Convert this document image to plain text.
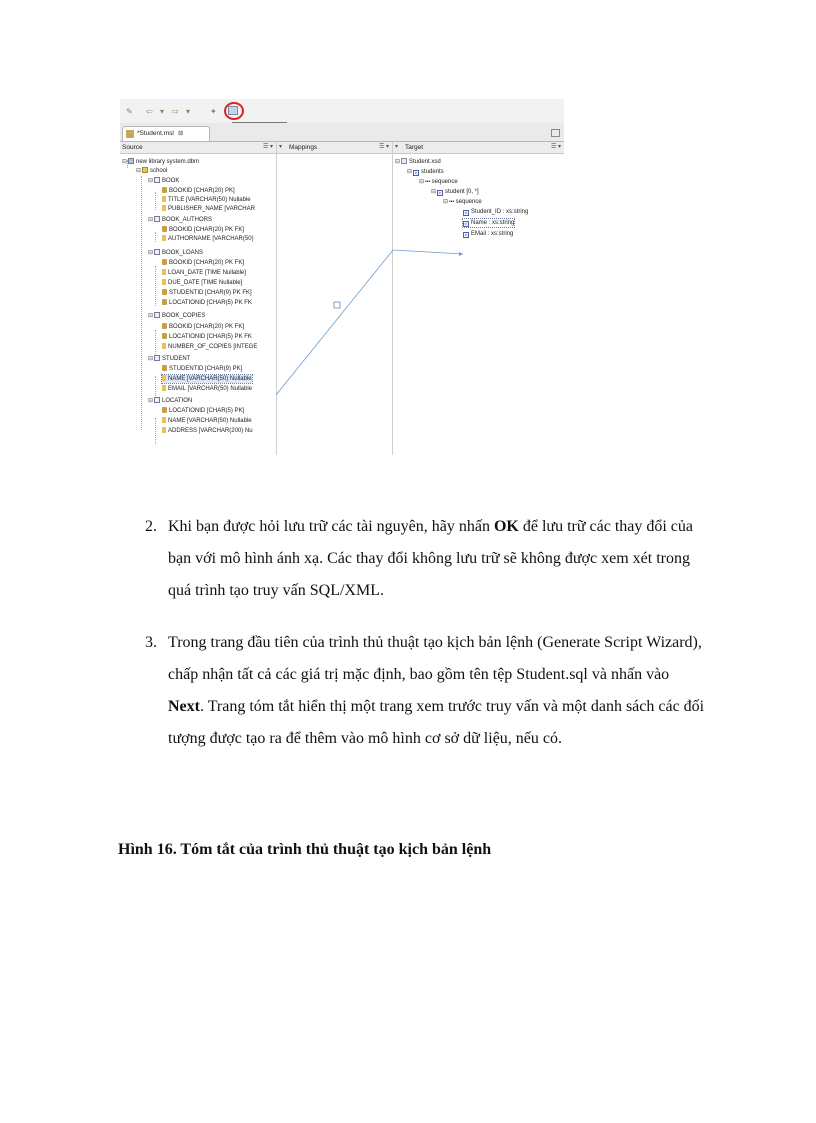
✎ ⇦ ▾ ⇨ ▾	✦
*Student.msl ⊠
Source	☰ ▾
⊟ new library system.dbm
⊟ school
⊟ BOOK
BOOKID [CHAR(20) PK]
TITLE [VARCHAR(50) Nullable
PUBLISHER_NAME [VARCHAR
⊟ BOOK_AUTHORS
BOOKID [CHAR(20) PK FK]
AUTHORNAME [VARCHAR(50)
⊟ BOOK_LOANS
BOOKID [CHAR(20) PK FK]
LOAN_DATE [TIME Nullable]
DUE_DATE [TIME Nullable]
STUDENTID [CHAR(9) PK FK]
LOCATIONID [CHAR(5) PK FK
⊟ BOOK_COPIES
BOOKID [CHAR(20) PK FK]
LOCATIONID [CHAR(5) PK FK
NUMBER_OF_COPIES [INTEGE
⊟ STUDENT
STUDENTID [CHAR(9) PK]
NAME [VARCHAR(50) Nullable
EMAIL [VARCHAR(50) Nullable
⊟ LOCATION
LOCATIONID [CHAR(5) PK]
NAME [VARCHAR(50) Nullable
ADDRESS [VARCHAR(200) Nu
▾ Mappings	☰ ▾ ▾ Target	☰ ▾
⊟ Student.xsd
⊟ e students
⊟••• sequence
⊟ e student [0, *]
⊟••• sequence
e Student_ID : xs:string
e Name : xs:string
e EMail : xs:string
2. Khi bạn được hỏi lưu trữ các tài nguyên, hãy nhấn OK để lưu trữ các thay đổi của bạn với mô hình ánh xạ. Các thay đổi không lưu trữ sẽ không được xem xét trong quá trình tạo truy vấn SQL/XML.
3. Trong trang đầu tiên của trình thủ thuật tạo kịch bản lệnh (Generate Script Wizard), chấp nhận tất cả các giá trị mặc định, bao gồm tên tệp Student.sql và nhấn vào Next. Trang tóm tắt hiển thị một trang xem trước truy vấn và một danh sách các đối tượng được tạo ra để thêm vào mô hình cơ sở dữ liệu, nếu có.
Hình 16. Tóm tắt của trình thủ thuật tạo kịch bản lệnh
